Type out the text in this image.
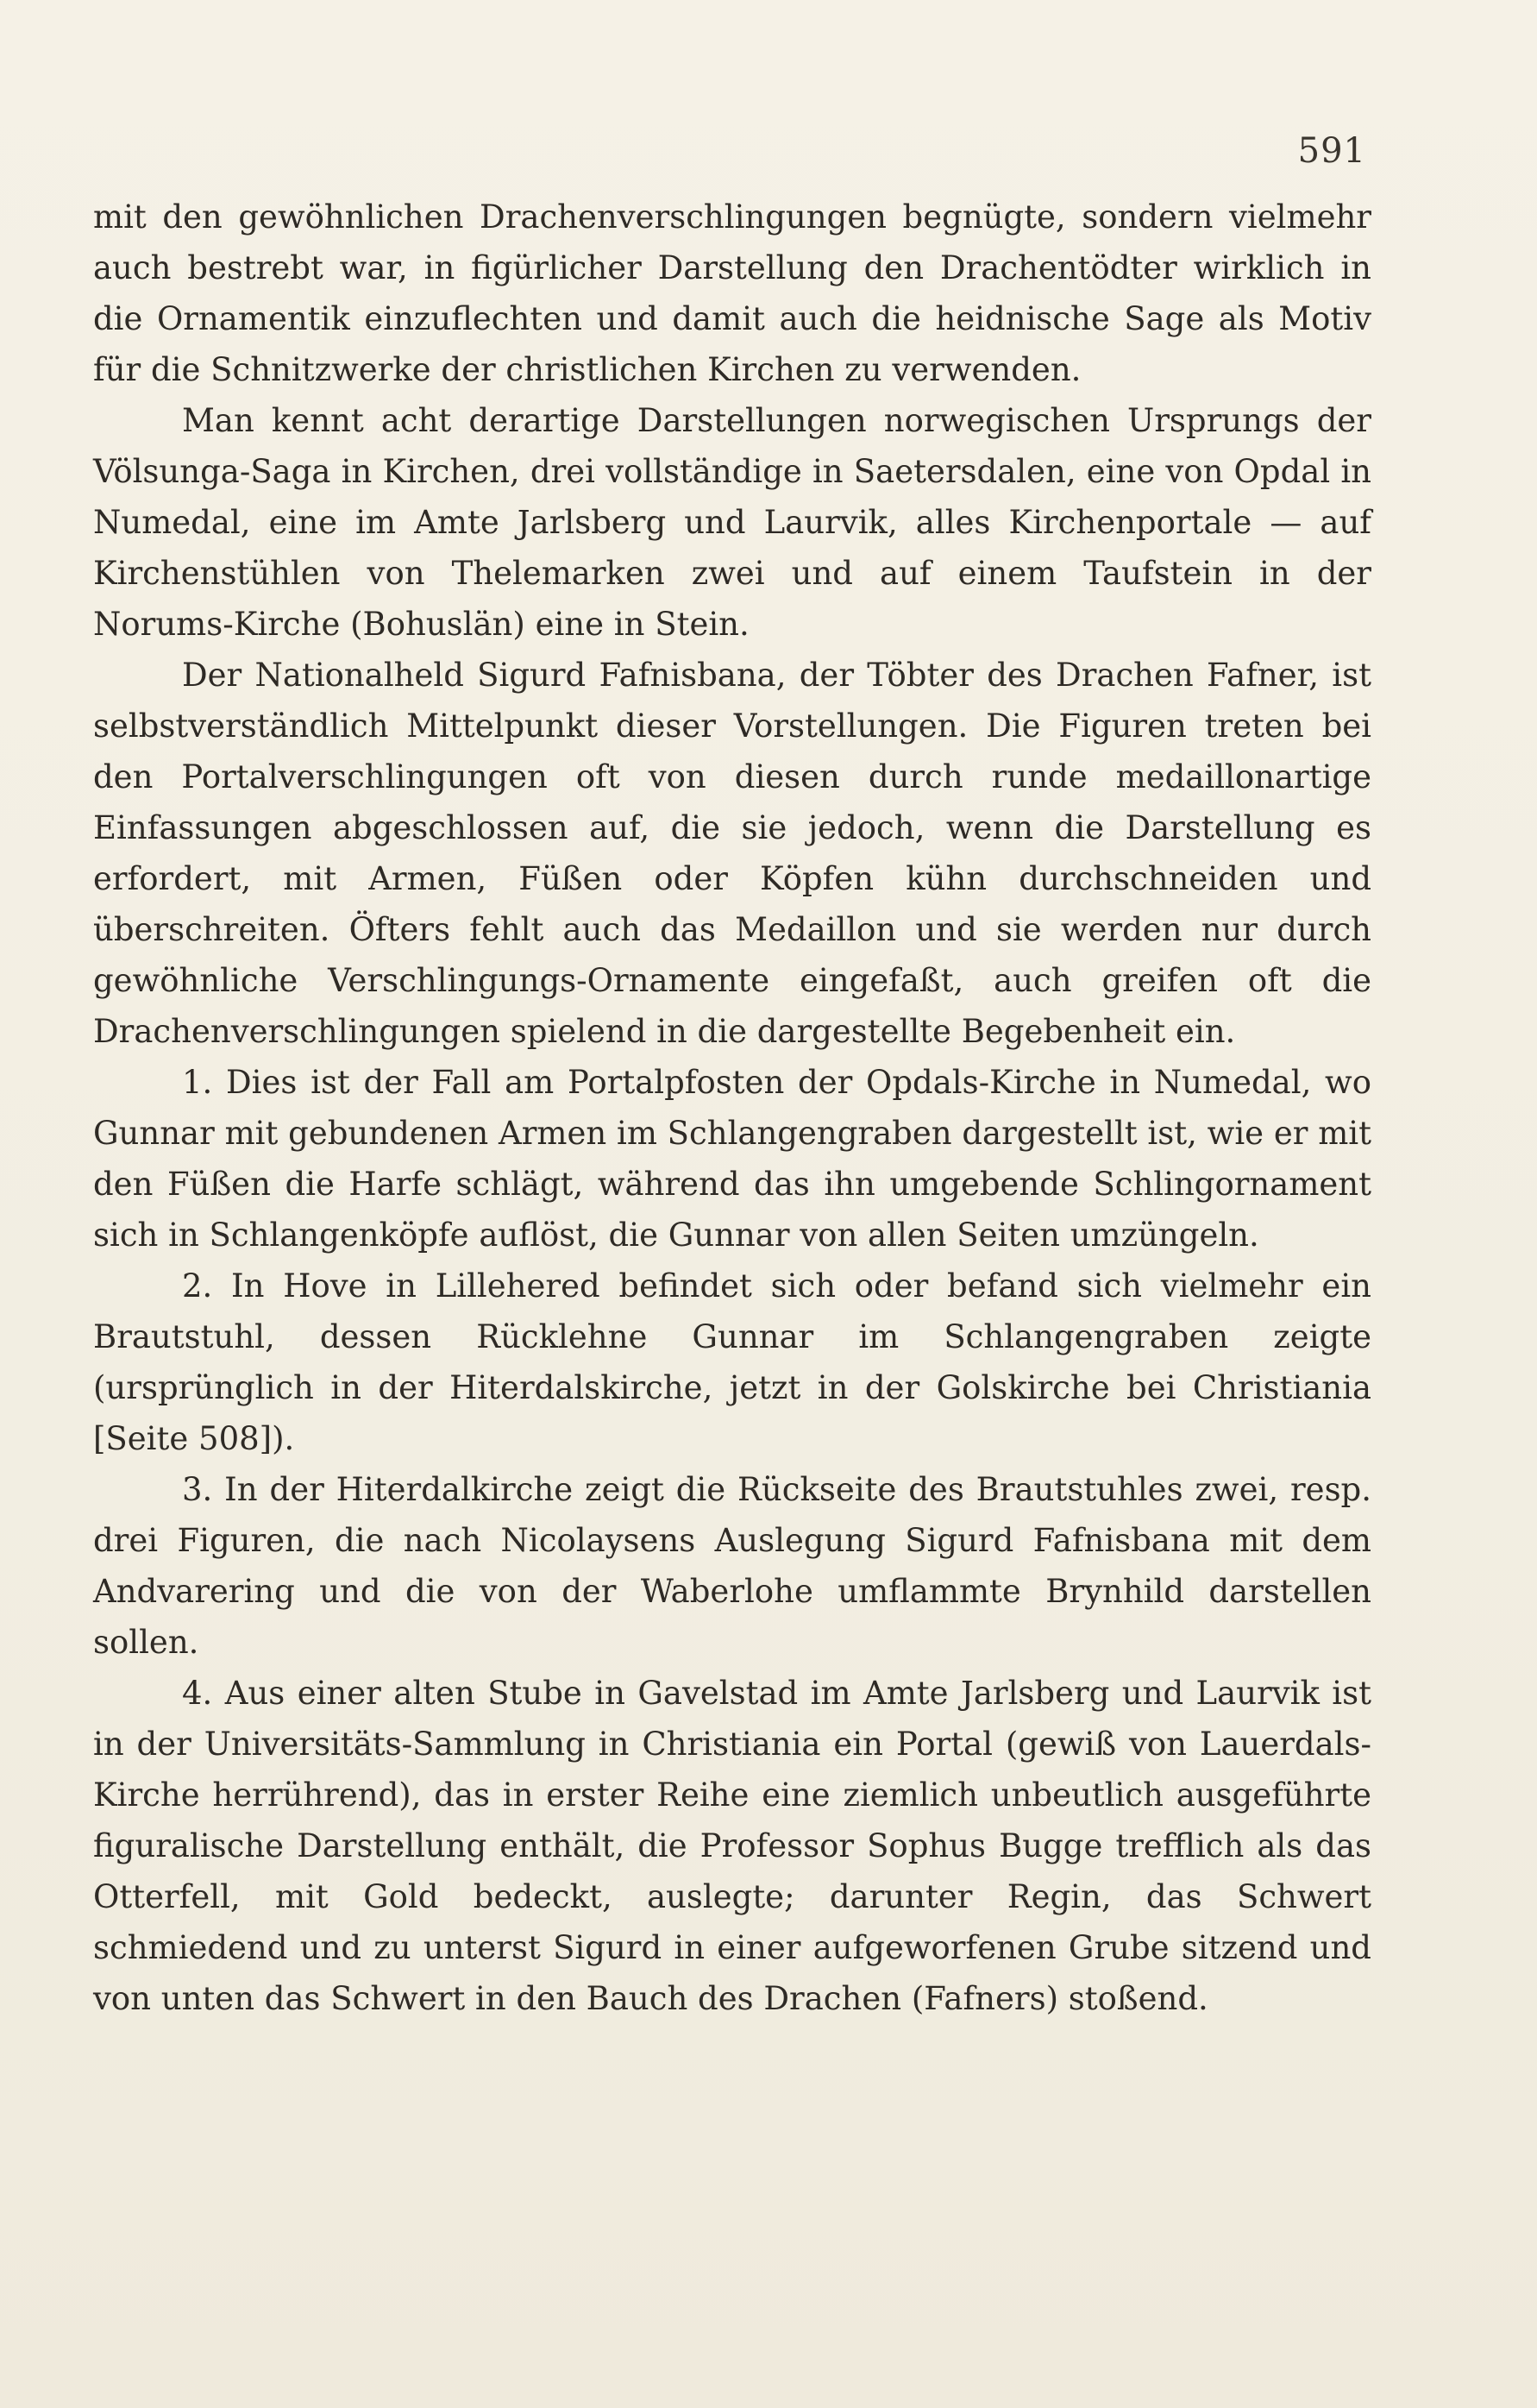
591

mit den gewöhnlichen Drachenverschlingungen begnügte, sondern vielmehr auch bestrebt war, in figürlicher Darstellung den Drachentödter wirklich in die Ornamentik einzuflechten und damit auch die heidnische Sage als Motiv für die Schnitzwerke der christlichen Kirchen zu verwenden.

Man kennt acht derartige Darstellungen norwegischen Ursprungs der Völsunga-Saga in Kirchen, drei vollständige in Saetersdalen, eine von Opdal in Numedal, eine im Amte Jarlsberg und Laurvik, alles Kirchenportale — auf Kirchenstühlen von Thelemarken zwei und auf einem Taufstein in der Norums-Kirche (Bohuslän) eine in Stein.

Der Nationalheld Sigurd Fafnisbana, der Töbter des Drachen Fafner, ist selbstverständlich Mittelpunkt dieser Vorstellungen. Die Figuren treten bei den Portalverschlingungen oft von diesen durch runde medaillonartige Einfassungen abgeschlossen auf, die sie jedoch, wenn die Darstellung es erfordert, mit Armen, Füßen oder Köpfen kühn durchschneiden und überschreiten. Öfters fehlt auch das Medaillon und sie werden nur durch gewöhnliche Verschlingungs-Ornamente eingefaßt, auch greifen oft die Drachenverschlingungen spielend in die dargestellte Begebenheit ein.

1. Dies ist der Fall am Portalpfosten der Opdals-Kirche in Numedal, wo Gunnar mit gebundenen Armen im Schlangengraben dargestellt ist, wie er mit den Füßen die Harfe schlägt, während das ihn umgebende Schlingornament sich in Schlangenköpfe auflöst, die Gunnar von allen Seiten umzüngeln.

2. In Hove in Lillehered befindet sich oder befand sich vielmehr ein Brautstuhl, dessen Rücklehne Gunnar im Schlangengraben zeigte (ursprünglich in der Hiterdalskirche, jetzt in der Golskirche bei Christiania [Seite 508]).

3. In der Hiterdalkirche zeigt die Rückseite des Brautstuhles zwei, resp. drei Figuren, die nach Nicolaysens Auslegung Sigurd Fafnisbana mit dem Andvarering und die von der Waberlohe umflammte Brynhild darstellen sollen.

4. Aus einer alten Stube in Gavelstad im Amte Jarlsberg und Laurvik ist in der Universitäts-Sammlung in Christiania ein Portal (gewiß von Lauerdals-Kirche herrührend), das in erster Reihe eine ziemlich unbeutlich ausgeführte figuralische Darstellung enthält, die Professor Sophus Bugge trefflich als das Otterfell, mit Gold bedeckt, auslegte; darunter Regin, das Schwert schmiedend und zu unterst Sigurd in einer aufgeworfenen Grube sitzend und von unten das Schwert in den Bauch des Drachen (Fafners) stoßend.
